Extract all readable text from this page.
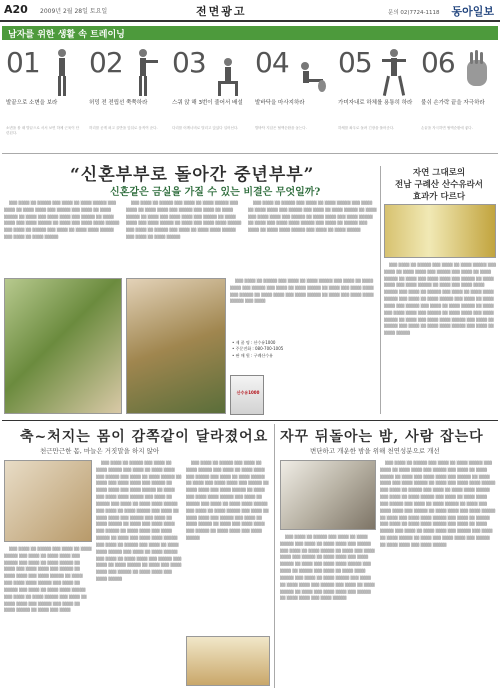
A20 2009년 2월 28일 토요일	전면광고	문의 02)7724-1118 동아일보
남자를 위한 생활 속 트레이닝
01
발끝으로 소변을 보라
소변을 볼 때 발끝으로 서서 보면 하체 근육이 단련된다.
02
허밍 전 전립선 쭉쭉하라
허리를 곧게 펴고 골반을 앞뒤로 움직여 준다.
03
스쿼 앉 해 3번이 줄어서 배설
다리를 어깨너비로 벌리고 앉았다 일어선다.
04
발바닥을 마사지하라
발바닥 지압은 혈액순환을 돕는다.
05
가미자내로 하체를 용통히 하라
하체를 좌우로 돌려 긴장을 풀어준다.
06
불쉬 손가락 끝을 자극하라
손끝을 자극하면 혈액순환에 좋다.
“신혼부부로 돌아간 중년부부”
신혼같은 금실을 가질 수 있는 비결은 무엇일까?
자연 그대로의
전남 구례산 산수유라서
효과가 다르다

▒▒▒ ▒▒▒▒ ▒▒ ▒▒▒▒▒ ▒▒▒ ▒▒▒▒ ▒▒ ▒▒▒▒ ▒▒▒▒▒ ▒▒▒ ▒▒▒▒ ▒▒ ▒▒▒▒ ▒▒▒▒ ▒▒▒ ▒▒▒▒▒ ▒▒▒ ▒▒▒▒ ▒▒ ▒▒▒▒ ▒▒▒▒▒ ▒▒ ▒▒▒▒ ▒▒▒ ▒▒▒▒ ▒▒▒▒ ▒▒▒ ▒▒▒▒▒ ▒▒ ▒▒▒▒ ▒▒▒▒ ▒▒▒ ▒▒▒▒ ▒▒▒▒▒ ▒▒ ▒▒▒▒ ▒▒▒ ▒▒▒▒ ▒▒▒▒ ▒▒▒▒▒ ▒▒▒ ▒▒▒▒ ▒▒ ▒▒▒▒▒ ▒▒▒ ▒▒▒▒ ▒▒ ▒▒▒▒ ▒▒▒▒ ▒▒▒▒▒ ▒▒▒ ▒▒▒▒ ▒▒ ▒▒▒▒ ▒▒▒▒▒

▒▒▒ ▒▒▒▒ ▒▒ ▒▒▒▒▒ ▒▒▒ ▒▒▒▒ ▒▒ ▒▒▒▒ ▒▒▒▒▒ ▒▒▒ ▒▒▒▒ ▒▒ ▒▒▒▒ ▒▒▒▒ ▒▒▒ ▒▒▒▒▒ ▒▒▒ ▒▒▒▒ ▒▒ ▒▒▒▒ ▒▒▒▒▒ ▒▒ ▒▒▒▒ ▒▒▒ ▒▒▒▒ ▒▒▒▒ ▒▒▒ ▒▒▒▒▒ ▒▒ ▒▒▒▒ ▒▒▒▒ ▒▒▒ ▒▒▒▒ ▒▒▒▒▒ ▒▒ ▒▒▒▒ ▒▒▒ ▒▒▒▒ ▒▒▒▒ ▒▒▒▒▒ ▒▒▒ ▒▒▒▒ ▒▒ ▒▒▒▒▒ ▒▒▒ ▒▒▒▒ ▒▒ ▒▒▒▒ ▒▒▒▒ ▒▒▒▒▒ ▒▒▒ ▒▒▒▒ ▒▒ ▒▒▒▒ ▒▒▒▒▒

▒▒▒ ▒▒▒▒ ▒▒ ▒▒▒▒▒ ▒▒▒ ▒▒▒▒ ▒▒ ▒▒▒▒ ▒▒▒▒▒ ▒▒▒ ▒▒▒▒ ▒▒ ▒▒▒▒ ▒▒▒▒ ▒▒▒ ▒▒▒▒▒ ▒▒▒ ▒▒▒▒ ▒▒ ▒▒▒▒ ▒▒▒▒▒ ▒▒ ▒▒▒▒ ▒▒▒ ▒▒▒▒ ▒▒▒▒ ▒▒▒ ▒▒▒▒▒ ▒▒ ▒▒▒▒ ▒▒▒▒ ▒▒▒ ▒▒▒▒ ▒▒▒▒▒ ▒▒ ▒▒▒▒ ▒▒▒ ▒▒▒▒ ▒▒▒▒ ▒▒▒▒▒ ▒▒▒ ▒▒▒▒ ▒▒ ▒▒▒▒▒ ▒▒▒ ▒▒▒▒ ▒▒ ▒▒▒▒ ▒▒▒▒ ▒▒▒▒▒ ▒▒▒ ▒▒▒▒ ▒▒ ▒▒▒▒ ▒▒▒▒▒

▒▒▒ ▒▒▒▒ ▒▒ ▒▒▒▒▒ ▒▒▒ ▒▒▒▒ ▒▒ ▒▒▒▒ ▒▒▒▒▒ ▒▒▒ ▒▒▒▒ ▒▒ ▒▒▒▒ ▒▒▒▒ ▒▒▒ ▒▒▒▒▒ ▒▒▒ ▒▒▒▒ ▒▒ ▒▒▒▒ ▒▒▒▒▒ ▒▒ ▒▒▒▒ ▒▒▒ ▒▒▒▒ ▒▒▒▒ ▒▒▒ ▒▒▒▒▒ ▒▒ ▒▒▒▒ ▒▒▒▒ ▒▒▒ ▒▒▒▒ ▒▒▒▒▒ ▒▒ ▒▒▒▒ ▒▒▒ ▒▒▒▒ ▒▒▒▒ ▒▒▒▒▒ ▒▒▒ ▒▒▒▒

• 제 품 명 : 산수유1000
• 주문전화 : 080-700-1005
• 판 매 원 : 구례산수유
산수유1000

▒▒▒ ▒▒▒▒ ▒▒ ▒▒▒▒▒ ▒▒▒ ▒▒▒▒ ▒▒ ▒▒▒▒ ▒▒▒▒▒ ▒▒▒ ▒▒▒▒ ▒▒ ▒▒▒▒ ▒▒▒▒ ▒▒▒ ▒▒▒▒▒ ▒▒▒ ▒▒▒▒ ▒▒ ▒▒▒▒ ▒▒▒▒▒ ▒▒ ▒▒▒▒ ▒▒▒ ▒▒▒▒ ▒▒▒▒ ▒▒▒ ▒▒▒▒▒ ▒▒ ▒▒▒▒ ▒▒▒▒ ▒▒▒ ▒▒▒▒ ▒▒▒▒▒ ▒▒ ▒▒▒▒ ▒▒▒ ▒▒▒▒ ▒▒▒▒ ▒▒▒▒▒ ▒▒▒ ▒▒▒▒ ▒▒ ▒▒▒▒▒ ▒▒▒ ▒▒▒▒ ▒▒ ▒▒▒▒ ▒▒▒▒ ▒▒▒▒▒ ▒▒▒ ▒▒▒▒ ▒▒ ▒▒▒▒ ▒▒▒▒▒ ▒▒▒ ▒▒▒▒ ▒▒ ▒▒▒▒ ▒▒▒▒ ▒▒▒ ▒▒▒▒▒ ▒▒▒ ▒▒▒▒ ▒▒ ▒▒▒▒ ▒▒▒▒▒ ▒▒ ▒▒▒▒ ▒▒▒ ▒▒▒▒ ▒▒▒▒ ▒▒▒ ▒▒▒▒▒ ▒▒ ▒▒▒▒ ▒▒▒▒ ▒▒▒ ▒▒▒▒ ▒▒▒▒▒ ▒▒ ▒▒▒▒ ▒▒▒ ▒▒▒▒ ▒▒▒▒ ▒▒▒▒▒ ▒▒▒ ▒▒▒▒ ▒▒ ▒▒▒▒▒ ▒▒▒ ▒▒▒▒ ▒▒ ▒▒▒▒ ▒▒▒▒ ▒▒▒▒▒ ▒▒▒ ▒▒▒▒ ▒▒ ▒▒▒▒ ▒▒▒▒▒

축~처지는 몸이 감쪽같이 달라졌어요
천근만근한 몸, 마늘은 거짓말을 하지 않아

▒▒▒ ▒▒▒▒ ▒▒ ▒▒▒▒▒ ▒▒▒ ▒▒▒▒ ▒▒ ▒▒▒▒ ▒▒▒▒▒ ▒▒▒ ▒▒▒▒ ▒▒ ▒▒▒▒ ▒▒▒▒ ▒▒▒ ▒▒▒▒▒ ▒▒▒ ▒▒▒▒ ▒▒ ▒▒▒▒ ▒▒▒▒▒ ▒▒ ▒▒▒▒ ▒▒▒ ▒▒▒▒ ▒▒▒▒ ▒▒▒ ▒▒▒▒▒ ▒▒ ▒▒▒▒ ▒▒▒▒ ▒▒▒ ▒▒▒▒ ▒▒▒▒▒ ▒▒ ▒▒▒▒ ▒▒▒ ▒▒▒▒ ▒▒▒▒ ▒▒▒▒▒ ▒▒▒ ▒▒▒▒ ▒▒ ▒▒▒▒▒ ▒▒▒ ▒▒▒▒ ▒▒ ▒▒▒▒ ▒▒▒▒ ▒▒▒▒▒ ▒▒▒ ▒▒▒▒ ▒▒ ▒▒▒▒ ▒▒▒▒▒ ▒▒▒ ▒▒▒▒ ▒▒ ▒▒▒▒ ▒▒▒▒ ▒▒▒ ▒▒▒▒▒ ▒▒▒ ▒▒▒▒ ▒▒ ▒▒▒▒ ▒▒▒▒▒ ▒▒ ▒▒▒▒ ▒▒▒ ▒▒▒▒

▒▒▒ ▒▒▒▒ ▒▒ ▒▒▒▒▒ ▒▒▒ ▒▒▒▒ ▒▒ ▒▒▒▒ ▒▒▒▒▒ ▒▒▒ ▒▒▒▒ ▒▒ ▒▒▒▒ ▒▒▒▒ ▒▒▒ ▒▒▒▒▒ ▒▒▒ ▒▒▒▒ ▒▒ ▒▒▒▒ ▒▒▒▒▒ ▒▒ ▒▒▒▒ ▒▒▒ ▒▒▒▒ ▒▒▒▒ ▒▒▒ ▒▒▒▒▒ ▒▒ ▒▒▒▒ ▒▒▒▒ ▒▒▒ ▒▒▒▒ ▒▒▒▒▒ ▒▒ ▒▒▒▒ ▒▒▒ ▒▒▒▒ ▒▒▒▒ ▒▒▒▒▒ ▒▒▒ ▒▒▒▒ ▒▒ ▒▒▒▒▒ ▒▒▒ ▒▒▒▒ ▒▒ ▒▒▒▒ ▒▒▒▒ ▒▒▒▒▒ ▒▒▒ ▒▒▒▒ ▒▒ ▒▒▒▒ ▒▒▒▒▒ ▒▒▒ ▒▒▒▒ ▒▒ ▒▒▒▒ ▒▒▒▒ ▒▒▒ ▒▒▒▒▒ ▒▒▒ ▒▒▒▒ ▒▒ ▒▒▒▒ ▒▒▒▒▒ ▒▒ ▒▒▒▒ ▒▒▒ ▒▒▒▒ ▒▒▒▒ ▒▒▒ ▒▒▒▒▒ ▒▒ ▒▒▒▒ ▒▒▒▒ ▒▒▒ ▒▒▒▒ ▒▒▒▒▒ ▒▒ ▒▒▒▒ ▒▒▒ ▒▒▒▒ ▒▒▒▒ ▒▒▒▒▒ ▒▒▒ ▒▒▒▒ ▒▒ ▒▒▒▒▒ ▒▒▒ ▒▒▒▒ ▒▒ ▒▒▒▒ ▒▒▒▒ ▒▒▒▒▒ ▒▒▒ ▒▒▒▒ ▒▒ ▒▒▒▒ ▒▒▒▒▒ ▒▒▒ ▒▒▒▒ ▒▒ ▒▒▒▒ ▒▒▒▒ ▒▒▒ ▒▒▒▒▒ ▒▒▒ ▒▒▒▒ ▒▒ ▒▒▒▒ ▒▒▒▒▒ ▒▒ ▒▒▒▒ ▒▒▒ ▒▒▒▒ ▒▒▒▒ ▒▒▒ ▒▒▒▒▒ ▒▒ ▒▒▒▒ ▒▒▒▒ ▒▒▒ ▒▒▒▒ ▒▒▒▒▒

▒▒▒ ▒▒▒▒ ▒▒ ▒▒▒▒▒ ▒▒▒ ▒▒▒▒ ▒▒ ▒▒▒▒ ▒▒▒▒▒ ▒▒▒ ▒▒▒▒ ▒▒ ▒▒▒▒ ▒▒▒▒ ▒▒▒ ▒▒▒▒▒ ▒▒▒ ▒▒▒▒ ▒▒ ▒▒▒▒ ▒▒▒▒▒ ▒▒ ▒▒▒▒ ▒▒▒ ▒▒▒▒ ▒▒▒▒ ▒▒▒ ▒▒▒▒▒ ▒▒ ▒▒▒▒ ▒▒▒▒ ▒▒▒ ▒▒▒▒ ▒▒▒▒▒ ▒▒ ▒▒▒▒ ▒▒▒ ▒▒▒▒ ▒▒▒▒ ▒▒▒▒▒ ▒▒▒ ▒▒▒▒ ▒▒ ▒▒▒▒▒ ▒▒▒ ▒▒▒▒ ▒▒ ▒▒▒▒ ▒▒▒▒ ▒▒▒▒▒ ▒▒▒ ▒▒▒▒ ▒▒ ▒▒▒▒ ▒▒▒▒▒ ▒▒▒ ▒▒▒▒ ▒▒ ▒▒▒▒ ▒▒▒▒ ▒▒▒ ▒▒▒▒▒ ▒▒▒ ▒▒▒▒ ▒▒ ▒▒▒▒ ▒▒▒▒▒ ▒▒ ▒▒▒▒ ▒▒▒ ▒▒▒▒ ▒▒▒▒ ▒▒▒ ▒▒▒▒▒ ▒▒ ▒▒▒▒ ▒▒▒▒ ▒▒▒ ▒▒▒▒ ▒▒▒▒▒

자꾸 뒤돌아는 밤, 사람 잡는다
변단하고 개운한 밤을 위해 천연성분으로 개선

▒▒▒ ▒▒▒▒ ▒▒ ▒▒▒▒▒ ▒▒▒ ▒▒▒▒ ▒▒ ▒▒▒▒ ▒▒▒▒▒ ▒▒▒ ▒▒▒▒ ▒▒ ▒▒▒▒ ▒▒▒▒ ▒▒▒ ▒▒▒▒▒ ▒▒▒ ▒▒▒▒ ▒▒ ▒▒▒▒ ▒▒▒▒▒ ▒▒ ▒▒▒▒ ▒▒▒ ▒▒▒▒ ▒▒▒▒ ▒▒▒ ▒▒▒▒▒ ▒▒ ▒▒▒▒ ▒▒▒▒ ▒▒▒ ▒▒▒▒ ▒▒▒▒▒ ▒▒ ▒▒▒▒ ▒▒▒ ▒▒▒▒ ▒▒▒▒ ▒▒▒▒▒ ▒▒▒ ▒▒▒▒ ▒▒ ▒▒▒▒▒ ▒▒▒ ▒▒▒▒ ▒▒ ▒▒▒▒ ▒▒▒▒ ▒▒▒▒▒ ▒▒▒ ▒▒▒▒ ▒▒ ▒▒▒▒ ▒▒▒▒▒ ▒▒▒ ▒▒▒▒ ▒▒ ▒▒▒▒ ▒▒▒▒ ▒▒▒ ▒▒▒▒▒ ▒▒▒ ▒▒▒▒ ▒▒ ▒▒▒▒ ▒▒▒▒▒ ▒▒ ▒▒▒▒ ▒▒▒ ▒▒▒▒ ▒▒▒▒ ▒▒▒ ▒▒▒▒▒ ▒▒ ▒▒▒▒ ▒▒▒▒ ▒▒▒ ▒▒▒▒ ▒▒▒▒▒

▒▒▒ ▒▒▒▒ ▒▒ ▒▒▒▒▒ ▒▒▒ ▒▒▒▒ ▒▒ ▒▒▒▒ ▒▒▒▒▒ ▒▒▒ ▒▒▒▒ ▒▒ ▒▒▒▒ ▒▒▒▒ ▒▒▒ ▒▒▒▒▒ ▒▒▒ ▒▒▒▒ ▒▒ ▒▒▒▒ ▒▒▒▒▒ ▒▒ ▒▒▒▒ ▒▒▒ ▒▒▒▒ ▒▒▒▒ ▒▒▒ ▒▒▒▒▒ ▒▒ ▒▒▒▒ ▒▒▒▒ ▒▒▒ ▒▒▒▒ ▒▒▒▒▒ ▒▒ ▒▒▒▒ ▒▒▒ ▒▒▒▒ ▒▒▒▒ ▒▒▒▒▒ ▒▒▒ ▒▒▒▒ ▒▒ ▒▒▒▒▒ ▒▒▒ ▒▒▒▒ ▒▒ ▒▒▒▒ ▒▒▒▒ ▒▒▒▒▒ ▒▒▒ ▒▒▒▒ ▒▒ ▒▒▒▒ ▒▒▒▒▒ ▒▒▒ ▒▒▒▒ ▒▒ ▒▒▒▒ ▒▒▒▒ ▒▒▒ ▒▒▒▒▒ ▒▒▒ ▒▒▒▒ ▒▒ ▒▒▒▒ ▒▒▒▒▒ ▒▒ ▒▒▒▒ ▒▒▒ ▒▒▒▒ ▒▒▒▒ ▒▒▒ ▒▒▒▒▒ ▒▒ ▒▒▒▒ ▒▒▒▒ ▒▒▒ ▒▒▒▒ ▒▒▒▒▒ ▒▒ ▒▒▒▒ ▒▒▒ ▒▒▒▒ ▒▒▒▒ ▒▒▒▒▒ ▒▒▒ ▒▒▒▒ ▒▒ ▒▒▒▒▒ ▒▒▒ ▒▒▒▒ ▒▒ ▒▒▒▒ ▒▒▒▒ ▒▒▒▒▒ ▒▒▒ ▒▒▒▒ ▒▒ ▒▒▒▒ ▒▒▒▒▒ ▒▒▒ ▒▒▒▒ ▒▒ ▒▒▒▒ ▒▒▒▒ ▒▒▒ ▒▒▒▒▒ ▒▒▒ ▒▒▒▒ ▒▒ ▒▒▒▒ ▒▒▒▒▒ ▒▒ ▒▒▒▒ ▒▒▒ ▒▒▒▒ ▒▒▒▒ ▒▒▒ ▒▒▒▒▒ ▒▒ ▒▒▒▒ ▒▒▒▒ ▒▒▒ ▒▒▒▒ ▒▒▒▒▒
